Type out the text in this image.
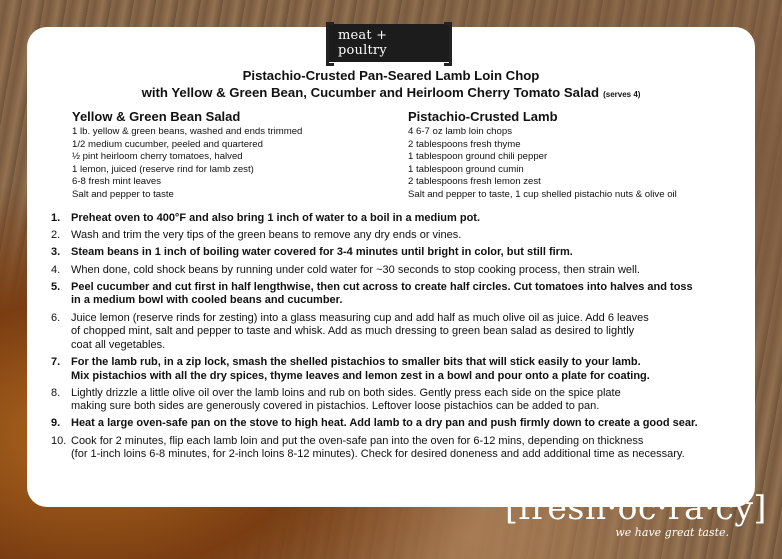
meat + poultry
Pistachio-Crusted Pan-Seared Lamb Loin Chop
with Yellow & Green Bean, Cucumber and Heirloom Cherry Tomato Salad (serves 4)
Yellow & Green Bean Salad
1 lb. yellow & green beans, washed and ends trimmed
1/2 medium cucumber, peeled and quartered
½ pint heirloom cherry tomatoes, halved
1 lemon, juiced (reserve rind for lamb zest)
6-8 fresh mint leaves
Salt and pepper to taste
Pistachio-Crusted Lamb
4 6-7 oz lamb loin chops
2 tablespoons fresh thyme
1 tablespoon ground chili pepper
1 tablespoon ground cumin
2 tablespoons fresh lemon zest
Salt and pepper to taste, 1 cup shelled pistachio nuts & olive oil
1. Preheat oven to 400°F and also bring 1 inch of water to a boil in a medium pot.
2. Wash and trim the very tips of the green beans to remove any dry ends or vines.
3. Steam beans in 1 inch of boiling water covered for 3-4 minutes until bright in color, but still firm.
4. When done, cold shock beans by running under cold water for ~30 seconds to stop cooking process, then strain well.
5. Peel cucumber and cut first in half lengthwise, then cut across to create half circles. Cut tomatoes into halves and toss
in a medium bowl with cooled beans and cucumber.
6. Juice lemon (reserve rinds for zesting) into a glass measuring cup and add half as much olive oil as juice. Add 6 leaves
of chopped mint, salt and pepper to taste and whisk. Add as much dressing to green bean salad as desired to lightly
coat all vegetables.
7. For the lamb rub, in a zip lock, smash the shelled pistachios to smaller bits that will stick easily to your lamb.
Mix pistachios with all the dry spices, thyme leaves and lemon zest in a bowl and pour onto a plate for coating.
8. Lightly drizzle a little olive oil over the lamb loins and rub on both sides. Gently press each side on the spice plate
making sure both sides are generously covered in pistachios. Leftover loose pistachios can be added to pan.
9. Heat a large oven-safe pan on the stove to high heat. Add lamb to a dry pan and push firmly down to create a good sear.
10. Cook for 2 minutes, flip each lamb loin and put the oven-safe pan into the oven for 6-12 mins, depending on thickness
(for 1-inch loins 6-8 minutes, for 2-inch loins 8-12 minutes). Check for desired doneness and add additional time as necessary.
[fresh·oc·ra·cy]
we have great taste.
